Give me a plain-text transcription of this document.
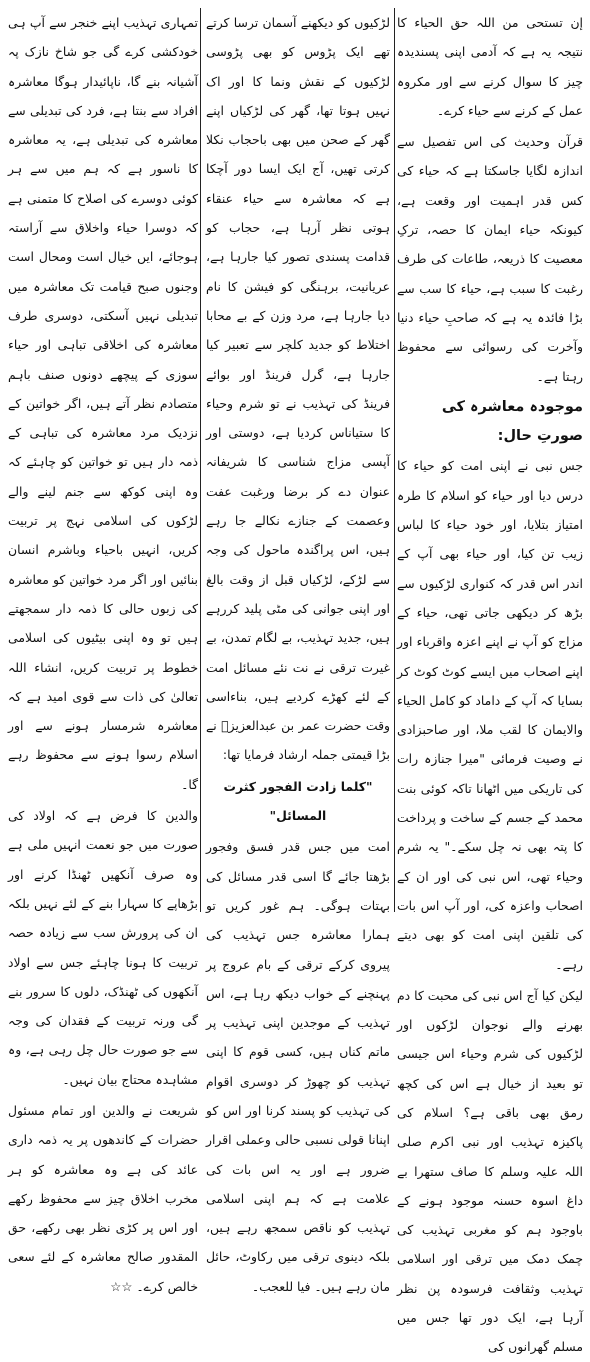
إن تستحی من اللہ حق الحیاء کا نتیجہ یہ ہے کہ آدمی اپنی پسندیدہ چیز کا سوال کرنے سے اور مکروہ عمل کے کرنے سے حیاء کرے۔

قرآن وحدیث کی اس تفصیل سے اندازہ لگایا جاسکتا ہے کہ حیاء کی کس قدر اہمیت اور وقعت ہے، کیونکہ حیاء ایمان کا حصہ، ترکِ معصیت کا ذریعہ، طاعات کی طرف رغبت کا سبب ہے، حیاء کا سب سے بڑا فائدہ یہ ہے کہ صاحبِ حیاء دنیا وآخرت کی رسوائی سے محفوظ رہتا ہے۔

موجودہ معاشرہ کی صورتِ حال:

جس نبی نے اپنی امت کو حیاء کا درس دیا اور حیاء کو اسلام کا طرہ امتیاز بتلایا، اور خود حیاء کا لباس زیب تن کیا، اور حیاء بھی آپ کے اندر اس قدر کہ کنواری لڑکیوں سے بڑھ کر دیکھی جاتی تھی، حیاء کے مزاج کو آپ نے اپنے اعزہ واقرباء اور اپنے اصحاب میں ایسے کوٹ کوٹ کر بسایا کہ آپ کے داماد کو کامل الحیاء والایمان کا لقب ملا، اور صاحبزادی نے وصیت فرمائی "میرا جنازہ رات کی تاریکی میں اٹھانا تاکہ کوئی بنت محمد کے جسم کے ساخت و پرداخت کا پتہ بھی نہ چل سکے۔" یہ شرم وحیاء تھی، اس نبی کی اور ان کے اصحاب واعزہ کی، اور آپ اس بات کی تلقین اپنی امت کو بھی دیتے رہے۔

لیکن کیا آج اس نبی کی محبت کا دم بھرنے والے نوجوان لڑکوں اور لڑکیوں کی شرم وحیاء اس جیسی تو بعید از خیال ہے اس کی کچھ رمق بھی باقی ہے؟ اسلام کی پاکیزہ تہذیب اور نبی اکرم صلی اللہ علیہ وسلم کا صاف ستھرا بے داغ اسوہ حسنہ موجود ہونے کے باوجود ہم کو مغربی تہذیب کی چمک دمک میں ترقی اور اسلامی تہذیب وثقافت فرسودہ پن نظر آرہا ہے، ایک دور تھا جس میں مسلم گھرانوں کی

لڑکیوں کو دیکھنے آسمان ترسا کرتے تھے ایک پڑوس کو بھی پڑوسی لڑکیوں کے نقش ونما کا اور اک نہیں ہوتا تھا، گھر کی لڑکیاں اپنے گھر کے صحن میں بھی باحجاب نکلا کرتی تھیں، آج ایک ایسا دور آچکا ہے کہ معاشرہ سے حیاء عنقاء ہوتی نظر آرہا ہے، حجاب کو قدامت پسندی تصور کیا جارہا ہے، عریانیت، برہنگی کو فیشن کا نام دیا جارہا ہے، مرد وزن کے بے محابا اختلاط کو جدید کلچر سے تعبیر کیا جارہا ہے، گرل فرینڈ اور بوائے فرینڈ کی تہذیب نے تو شرم وحیاء کا ستیاناس کردیا ہے، دوستی اور آپسی مزاج شناسی کا شریفانہ عنوان دے کر برضا ورغبت عفت وعصمت کے جنازے نکالے جا رہے ہیں، اس پراگندہ ماحول کی وجہ سے لڑکے، لڑکیاں قبل از وقت بالغ اور اپنی جوانی کی مٹی پلید کررہے ہیں، جدید تہذیب، بے لگام تمدن، بے غیرت ترقی نے نت نئے مسائل امت کے لئے کھڑے کردیے ہیں، بناءاسی وقت حضرت عمر بن عبدالعزیزؒ نے بڑا قیمتی جملہ ارشاد فرمایا تھا:

"کلما زادت الفجور کثرت المسائل"

امت میں جس قدر فسق وفجور بڑھتا جائے گا اسی قدر مسائل کی بہتات ہوگی۔ ہم غور کریں تو ہمارا معاشرہ جس تہذیب کی پیروی کرکے ترقی کے بام عروج پر پہنچنے کے خواب دیکھ رہا ہے، اس تہذیب کے موجدین اپنی تہذیب پر ماتم کناں ہیں، کسی قوم کا اپنی تہذیب کو چھوڑ کر دوسری اقوام کی تہذیب کو پسند کرنا اور اس کو اپنانا قولی نسبی حالی وعملی اقرار ضرور ہے اور یہ اس بات کی علامت ہے کہ ہم اپنی اسلامی تہذیب کو ناقص سمجھ رہے ہیں، بلکہ دینوی ترقی میں رکاوٹ، حائل مان رہے ہیں۔ فیا للعجب۔

تمہاری تہذیب اپنے خنجر سے آپ ہی خودکشی کرے گی جو شاخ نازک پہ آشیانہ بنے گا، ناپائیدار ہوگا معاشرہ افراد سے بنتا ہے، فرد کی تبدیلی سے معاشرہ کی تبدیلی ہے، یہ معاشرہ کا ناسور ہے کہ ہم میں سے ہر کوئی دوسرے کی اصلاح کا متمنی ہے کہ دوسرا حیاء واخلاق سے آراستہ ہوجائے، ایں خیال است ومحال است وجنوں صبح قیامت تک معاشرہ میں تبدیلی نہیں آسکتی، دوسری طرف معاشرہ کی اخلاقی تباہی اور حیاء سوزی کے پیچھے دونوں صنف باہم متصادم نظر آتے ہیں، اگر خواتین کے نزدیک مرد معاشرہ کی تباہی کے ذمہ دار ہیں تو خواتین کو چاہئے کہ وہ اپنی کوکھ سے جنم لینے والے لڑکوں کی اسلامی نہج پر تربیت کریں، انہیں باحیاء وباشرم انسان بنائیں اور اگر مرد خواتین کو معاشرہ کی زبوں حالی کا ذمہ دار سمجھتے ہیں تو وہ اپنی بیٹیوں کی اسلامی خطوط پر تربیت کریں، انشاء اللہ تعالیٰ کی ذات سے قوی امید ہے کہ معاشرہ شرمسار ہونے سے اور اسلام رسوا ہونے سے محفوظ رہے گا۔

والدین کا فرض ہے کہ اولاد کی صورت میں جو نعمت انہیں ملی ہے وہ صرف آنکھیں ٹھنڈا کرنے اور بڑھاپے کا سہارا بنے کے لئے نہیں بلکہ ان کی پرورش سب سے زیادہ حصہ تربیت کا ہونا چاہئے جس سے اولاد آنکھوں کی ٹھنڈک، دلوں کا سرور بنے گی ورنہ تربیت کے فقدان کی وجہ سے جو صورت حال چل رہی ہے، وہ مشاہدہ محتاج بیان نہیں۔

شریعت نے والدین اور تمام مسئول حضرات کے کاندھوں پر یہ ذمہ داری عائد کی ہے وہ معاشرہ کو ہر مخرب اخلاق چیز سے محفوظ رکھے اور اس پر کڑی نظر بھی رکھے، حق المقدور صالح معاشرہ کے لئے سعی خالص کرے۔ ☆☆
